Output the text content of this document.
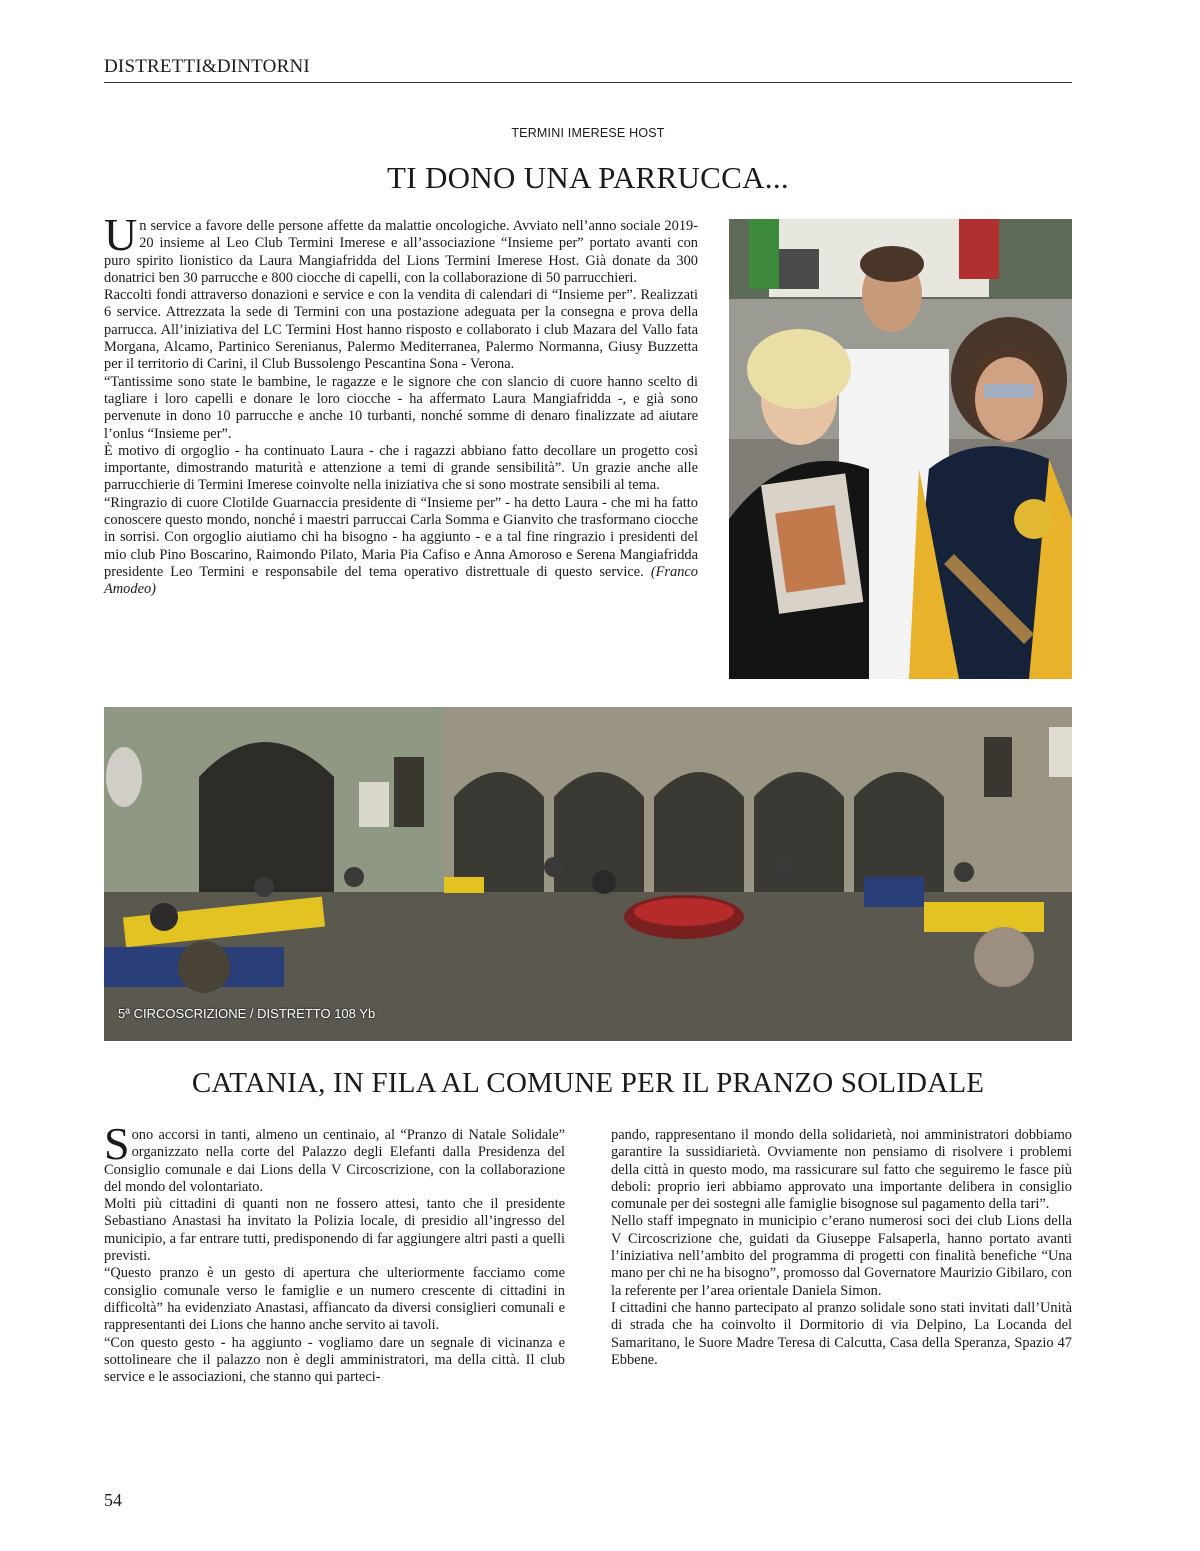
DISTRETTI&DINTORNI
TERMINI IMERESE HOST
TI DONO UNA PARRUCCA...

Un service a favore delle persone affette da malattie oncologiche. Avviato nell’anno sociale 2019-20 insieme al Leo Club Termini Imerese e all’associazione “Insieme per” portato avanti con puro spirito lionistico da Laura Mangiafridda del Lions Termini Imerese Host. Già donate da 300 donatrici ben 30 parrucche e 800 ciocche di capelli, con la collaborazione di 50 parrucchieri.

Raccolti fondi attraverso donazioni e service e con la vendita di calendari di “Insieme per”. Realizzati 6 service. Attrezzata la sede di Termini con una postazione adeguata per la consegna e prova della parrucca. All’iniziativa del LC Termini Host hanno risposto e collaborato i club Mazara del Vallo fata Morgana, Alcamo, Partinico Serenianus, Palermo Mediterranea, Palermo Normanna, Giusy Buzzetta per il territorio di Carini, il Club Bussolengo Pescantina Sona - Verona.

“Tantissime sono state le bambine, le ragazze e le signore che con slancio di cuore hanno scelto di tagliare i loro capelli e donare le loro ciocche - ha affermato Laura Mangiafridda -, e già sono pervenute in dono 10 parrucche e anche 10 turbanti, nonché somme di denaro finalizzate ad aiutare l’onlus “Insieme per”.

È motivo di orgoglio - ha continuato Laura - che i ragazzi abbiano fatto decollare un progetto così importante, dimostrando maturità e attenzione a temi di grande sensibilità”. Un grazie anche alle parrucchierie di Termini Imerese coinvolte nella iniziativa che si sono mostrate sensibili al tema.

“Ringrazio di cuore Clotilde Guarnaccia presidente di “Insieme per” - ha detto Laura - che mi ha fatto conoscere questo mondo, nonché i maestri parruccai Carla Somma e Gianvito che trasformano ciocche in sorrisi. Con orgoglio aiutiamo chi ha bisogno - ha aggiunto - e a tal fine ringrazio i presidenti del mio club Pino Boscarino, Raimondo Pilato, Maria Pia Cafiso e Anna Amoroso e Serena Mangiafridda presidente Leo Termini e responsabile del tema operativo distrettuale di questo service. (Franco Amodeo)

5ª CIRCOSCRIZIONE / DISTRETTO 108 Yb
CATANIA, IN FILA AL COMUNE PER IL PRANZO SOLIDALE

Sono accorsi in tanti, almeno un centinaio, al “Pranzo di Natale Solidale” organizzato nella corte del Palazzo degli Elefanti dalla Presidenza del Consiglio comunale e dai Lions della V Circoscrizione, con la collaborazione del mondo del volontariato.

Molti più cittadini di quanti non ne fossero attesi, tanto che il presidente Sebastiano Anastasi ha invitato la Polizia locale, di presidio all’ingresso del municipio, a far entrare tutti, predisponendo di far aggiungere altri pasti a quelli previsti.

“Questo pranzo è un gesto di apertura che ulteriormente facciamo come consiglio comunale verso le famiglie e un numero crescente di cittadini in difficoltà” ha evidenziato Anastasi, affiancato da diversi consiglieri comunali e rappresentanti dei Lions che hanno anche servito ai tavoli.

“Con questo gesto - ha aggiunto - vogliamo dare un segnale di vicinanza e sottolineare che il palazzo non è degli amministratori, ma della città. Il club service e le associazioni, che stanno qui parteci-

pando, rappresentano il mondo della solidarietà, noi amministratori dobbiamo garantire la sussidiarietà. Ovviamente non pensiamo di risolvere i problemi della città in questo modo, ma rassicurare sul fatto che seguiremo le fasce più deboli: proprio ieri abbiamo approvato una importante delibera in consiglio comunale per dei sostegni alle famiglie bisognose sul pagamento della tari”.

Nello staff impegnato in municipio c’erano numerosi soci dei club Lions della V Circoscrizione che, guidati da Giuseppe Falsaperla, hanno portato avanti l’iniziativa nell’ambito del programma di progetti con finalità benefiche “Una mano per chi ne ha bisogno”, promosso dal Governatore Maurizio Gibilaro, con la referente per l’area orientale Daniela Simon.

I cittadini che hanno partecipato al pranzo solidale sono stati invitati dall’Unità di strada che ha coinvolto il Dormitorio di via Delpino, La Locanda del Samaritano, le Suore Madre Teresa di Calcutta, Casa della Speranza, Spazio 47 Ebbene.

54
